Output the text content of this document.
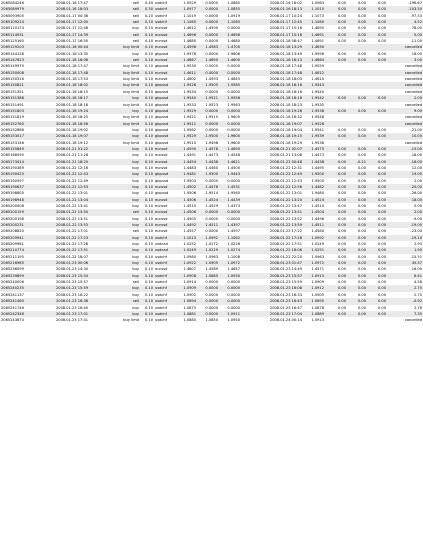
2065084246	2008.01.16 17:47	sell	0.40	usdchf	1.0929	0.0000	1.0865	2008.01.16 18:02	1.0983	0.00	0.00	0.00	-196.67
2065089979	2008.01.16 18:03	sell	0.30	usdchf	1.0977	0.0000	1.0855	2008.01.16 18:13	1.1015	0.00	0.00	0.00	-103.50
2065093905	2008.01.17 00:36	sell	0.20	usdchf	1.1019	0.0000	1.0919	2008.01.17 10:24	1.1073	0.00	0.00	0.00	-97.53
2065109224	2008.01.17 12:00	sell	0.10	usdchf	1.1065	0.0000	1.1065	2008.01.17 12:45	1.1060	0.00	0.00	0.00	4.52
2065110174	2008.01.17 12:46	buy	0.10	eurusd	1.4612	1.4590	0.0000	2008.01.17 15:16	1.4690	0.00	0.00	0.00	78.00
2065114931	2008.01.17 14:39	sell	0.10	eurusd	1.4696	0.0000	1.4696	2008.01.17 15:16	1.4691	0.00	0.00	0.00	5.00
2065125160	2008.01.17 16:50	sell	0.10	eurusd	1.4680	0.0000	1.4680	2008.01.18 08:47	1.4691	0.00	0.00	0.00	-11.00
2065129203	2008.01.18 00:44	buy limit	0.10	eurusd	1.4598	1.4583	1.4700	2008.01.18 13:29	1.4630				cancelled
2065144128	2008.01.18 13:35	buy	0.10	gbpusd	1.9578	0.0000	1.9606	2008.01.18 13:49	1.9596	0.00	0.00	0.00	18.00
2065147623	2008.01.18 16:08	sell	0.10	eurusd	1.4667	1.4690	1.4600	2008.01.18 16:13	1.4664	0.00	0.00	0.00	3.00
2065149970	2008.01.18 17:47	buy limit	0.10	gbpusd	1.9530	0.0000	0.0000	2008.01.18 17:48	1.9559				cancelled
2065150008	2008.01.18 17:48	buy limit	0.10	eurusd	1.4611	0.0000	0.0000	2008.01.18 17:48	1.4612				cancelled
2065150316	2008.01.18 17:53	buy limit	0.10	eurusd	1.4602	1.4593	1.4645	2008.01.18 18:03	1.4610				cancelled
2065150821	2008.01.18 18:02	buy limit	0.10	gbpusd	1.9526	1.9505	1.9585	2008.01.18 18:16	1.9543				cancelled
2065151351	2008.01.18 18:15	buy limit	0.10	gbpusd	1.9534	0.0000	0.0000	2008.01.18 18:16	1.9540				cancelled
2065151388	2008.01.18 18:17	buy	0.10	gbpusd	1.9540	1.9521	1.9556	2008.01.18 18:18	1.9542	0.00	0.00	0.00	2.00
2065151491	2008.01.18 18:18	buy limit	0.10	gbpusd	1.9533	1.9523	1.9563	2008.01.18 18:23	1.9535				cancelled
2065151803	2008.01.18 19:24	buy	0.10	gbpusd	1.9529	0.0000	0.0000	2008.01.18 19:26	1.9538	0.00	0.00	0.00	9.00
2065151819	2008.01.18 18:25	buy limit	0.10	gbpusd	1.9521	1.9510	1.9600	2008.01.18 18:32	1.9548				cancelled
2065152760	2008.01.18 18:56	buy limit	0.10	gbpusd	1.9511	0.0000	0.0000	2008.01.18 19:07	1.9526				cancelled
2065152886	2008.01.18 19:02	buy	0.10	gbpusd	1.9562	0.0000	0.0000	2008.01.18 19:04	1.9541	0.00	0.00	0.00	-21.00
2065153017	2008.01.18 19:07	buy	0.10	gbpusd	1.9529	1.9500	1.9600	2008.01.18 19:15	1.9539	0.00	0.00	0.00	10.00
2065153146	2008.01.18 19:12	buy limit	0.10	gbpusd	1.9515	1.9498	1.9600	2008.01.18 19:29	1.9536				cancelled
2065155849	2008.01.21 01:22	buy	0.10	eurusd	1.4590	1.4578	1.4690	2008.01.21 02:07	1.4575	0.00	0.00	0.00	-15.00
2065168590	2008.01.21 11:28	buy	0.10	eurusd	1.4491	1.4473	1.4548	2008.01.21 13:08	1.4473	0.00	0.00	0.00	-18.00
2065173414	2008.01.21 18:20	buy	0.10	eurusd	1.4454	1.4438	1.4621	2008.01.22 00:48	1.4438	0.00	-0.21	0.00	-16.00
2065190389	2008.01.22 12:16	buy	0.10	eurusd	1.4483	1.4460	1.4500	2008.01.22 12:31	1.4495	0.00	0.00	0.00	12.00
2065190425	2008.01.22 12:43	buy	0.10	gbpusd	1.9481	1.9500	1.9443	2008.01.22 12:49	1.9500	0.00	0.00	0.00	19.00
2065190597	2008.01.22 12:49	buy	0.10	gbpusd	1.9503	0.0000	0.0000	2008.01.22 12:53	1.9505	0.00	0.00	0.00	2.00
2065190637	2008.01.22 12:53	buy	0.10	eurusd	1.4502	1.4476	1.4531	2008.01.22 12:56	1.4482	0.00	0.00	0.00	-20.00
2065198805	2008.01.22 13:01	buy	0.10	gbpusd	1.9506	1.9514	1.9560	2008.01.22 13:01	1.9480	0.00	0.00	0.00	-26.00
2065198948	2008.01.22 13:04	buy	0.10	eurusd	1.4506	1.4524	1.4439	2008.01.22 13:20	1.4524	0.00	0.00	0.00	18.00
2065200008	2008.01.22 13:41	buy	0.10	eurusd	1.4515	1.4529	1.4373	2008.01.22 13:47	1.4510	0.00	0.00	0.00	5.00
2065200159	2008.01.22 13:50	sell	0.10	eurusd	1.4506	0.0000	0.0000	2008.01.22 13:51	1.4504	0.00	0.00	0.00	2.00
2065200198	2008.01.22 13:51	buy	0.10	eurusd	1.4505	0.0000	0.0000	2008.01.22 13:52	1.4496	0.00	0.00	0.00	-9.00
2065200231	2008.01.22 13:53	buy	0.10	eurusd	1.4492	1.4511	1.4397	2008.01.22 13:59	1.4511	0.00	0.00	0.00	-19.00
2065208820	2008.01.22 17:01	sell	0.10	eurusd	1.4557	0.0000	1.4597	2008.01.22 17:22	1.4580	0.00	0.00	0.00	-23.00
2065209941	2008.01.22 17:23	buy	0.10	usdchf	1.1013	1.0992	1.1062	2008.01.22 17:28	1.0992	0.00	0.00	0.00	-19.10
2065209981	2008.01.22 17:28	buy	0.10	usdcad	1.0252	1.0272	1.0226	2008.01.22 17:51	1.0249	0.00	0.00	0.00	2.93
2065210774	2008.01.22 17:51	buy	0.10	usdcad	1.0249	1.0229	1.0274	2008.01.22 18:06	1.0251	0.00	0.00	0.00	1.95
2065211195	2008.01.22 18:07	buy	0.10	usdchf	1.0980	1.0963	1.1008	2008.01.22 22:20	1.0963	0.00	0.00	0.00	-15.51
2065216985	2008.01.23 00:06	buy	0.10	usdchf	1.0922	1.0905	1.0972	2008.01.23 01:47	1.0972	0.00	0.00	0.00	45.57
2065236099	2008.01.23 14:30	buy	0.10	eurusd	1.4607	1.4589	1.4657	2008.01.23 14:49	1.4571	0.00	0.00	0.00	-16.00
2065239899	2008.01.23 15:54	buy	0.10	usdchf	1.0908	1.0885	1.0930	2008.01.23 15:57	1.0915	0.00	0.00	0.00	6.41
2065240006	2008.01.23 15:57	sell	0.10	usdchf	1.0914	0.0000	0.0000	2008.01.23 15:59	1.0909	0.00	0.00	0.00	4.58
2065240235	2008.01.23 15:59	buy	0.10	usdchf	1.0909	0.0000	0.0000	2008.01.23 16:08	1.0912	0.00	0.00	0.00	2.75
2065241137	2008.01.23 16:22	buy	0.10	usdchf	1.0902	0.0000	0.0000	2008.01.23 16:33	1.0905	0.00	0.00	0.00	2.75
2065241460	2008.01.23 16:36	sell	0.10	usdchf	1.0894	0.0000	0.0000	2008.01.23 16:43	1.0895	0.00	0.00	0.00	-0.92
2065241746	2008.01.23 16:45	buy	0.10	usdchf	1.0875	0.0000	0.0000	2008.01.23 16:47	1.0878	0.00	0.00	0.00	2.76
2065242346	2008.01.23 17:01	buy	0.10	usdchf	1.0881	0.0000	1.0911	2008.01.23 17:04	1.0889	0.00	0.00	0.00	7.35
2065243874	2008.01.23 17:41	buy limit	0.10	usdchf	1.0880	1.0850	1.0950	2008.01.24 00:14	1.0913				cancelled
